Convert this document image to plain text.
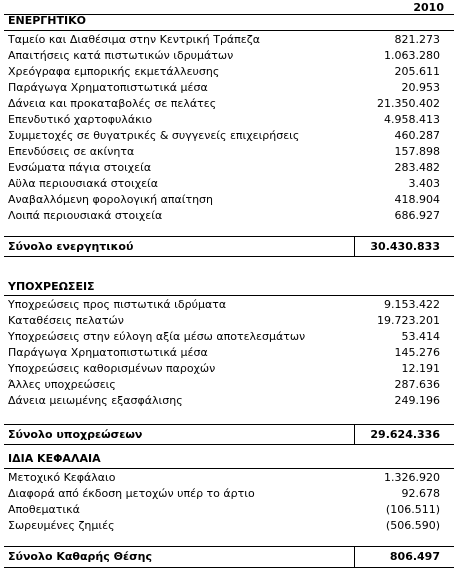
2010
ΕΝΕΡΓΗΤΙΚΟ
Ταμείο και Διαθέσιμα στην Κεντρική Τράπεζα	821.273
Απαιτήσεις κατά πιστωτικών ιδρυμάτων	1.063.280
Χρεόγραφα εμπορικής εκμετάλλευσης	205.611
Παράγωγα Χρηματοπιστωτικά μέσα	20.953
Δάνεια και προκαταβολές σε πελάτες	21.350.402
Επενδυτικό χαρτοφυλάκιο	4.958.413
Συμμετοχές σε θυγατρικές & συγγενείς επιχειρήσεις	460.287
Επενδύσεις σε ακίνητα	157.898
Ενσώματα πάγια στοιχεία	283.482
Αϋλα περιουσιακά στοιχεία	3.403
Αναβαλλόμενη φορολογική απαίτηση	418.904
Λοιπά περιουσιακά στοιχεία	686.927
Σύνολο ενεργητικού	30.430.833
ΥΠΟΧΡΕΩΣΕΙΣ
Υποχρεώσεις προς πιστωτικά ιδρύματα	9.153.422
Καταθέσεις πελατών	19.723.201
Υποχρεώσεις στην εύλογη αξία μέσω αποτελεσμάτων	53.414
Παράγωγα Χρηματοπιστωτικά μέσα	145.276
Υποχρεώσεις καθορισμένων παροχών	12.191
Άλλες υποχρεώσεις	287.636
Δάνεια μειωμένης εξασφάλισης	249.196
Σύνολο υποχρεώσεων	29.624.336
ΙΔΙΑ ΚΕΦΑΛΑΙΑ
Μετοχικό Κεφάλαιο	1.326.920
Διαφορά από έκδοση μετοχών υπέρ το άρτιο	92.678
Αποθεματικά	(106.511)
Σωρευμένες ζημιές	(506.590)
Σύνολο Καθαρής Θέσης	806.497
